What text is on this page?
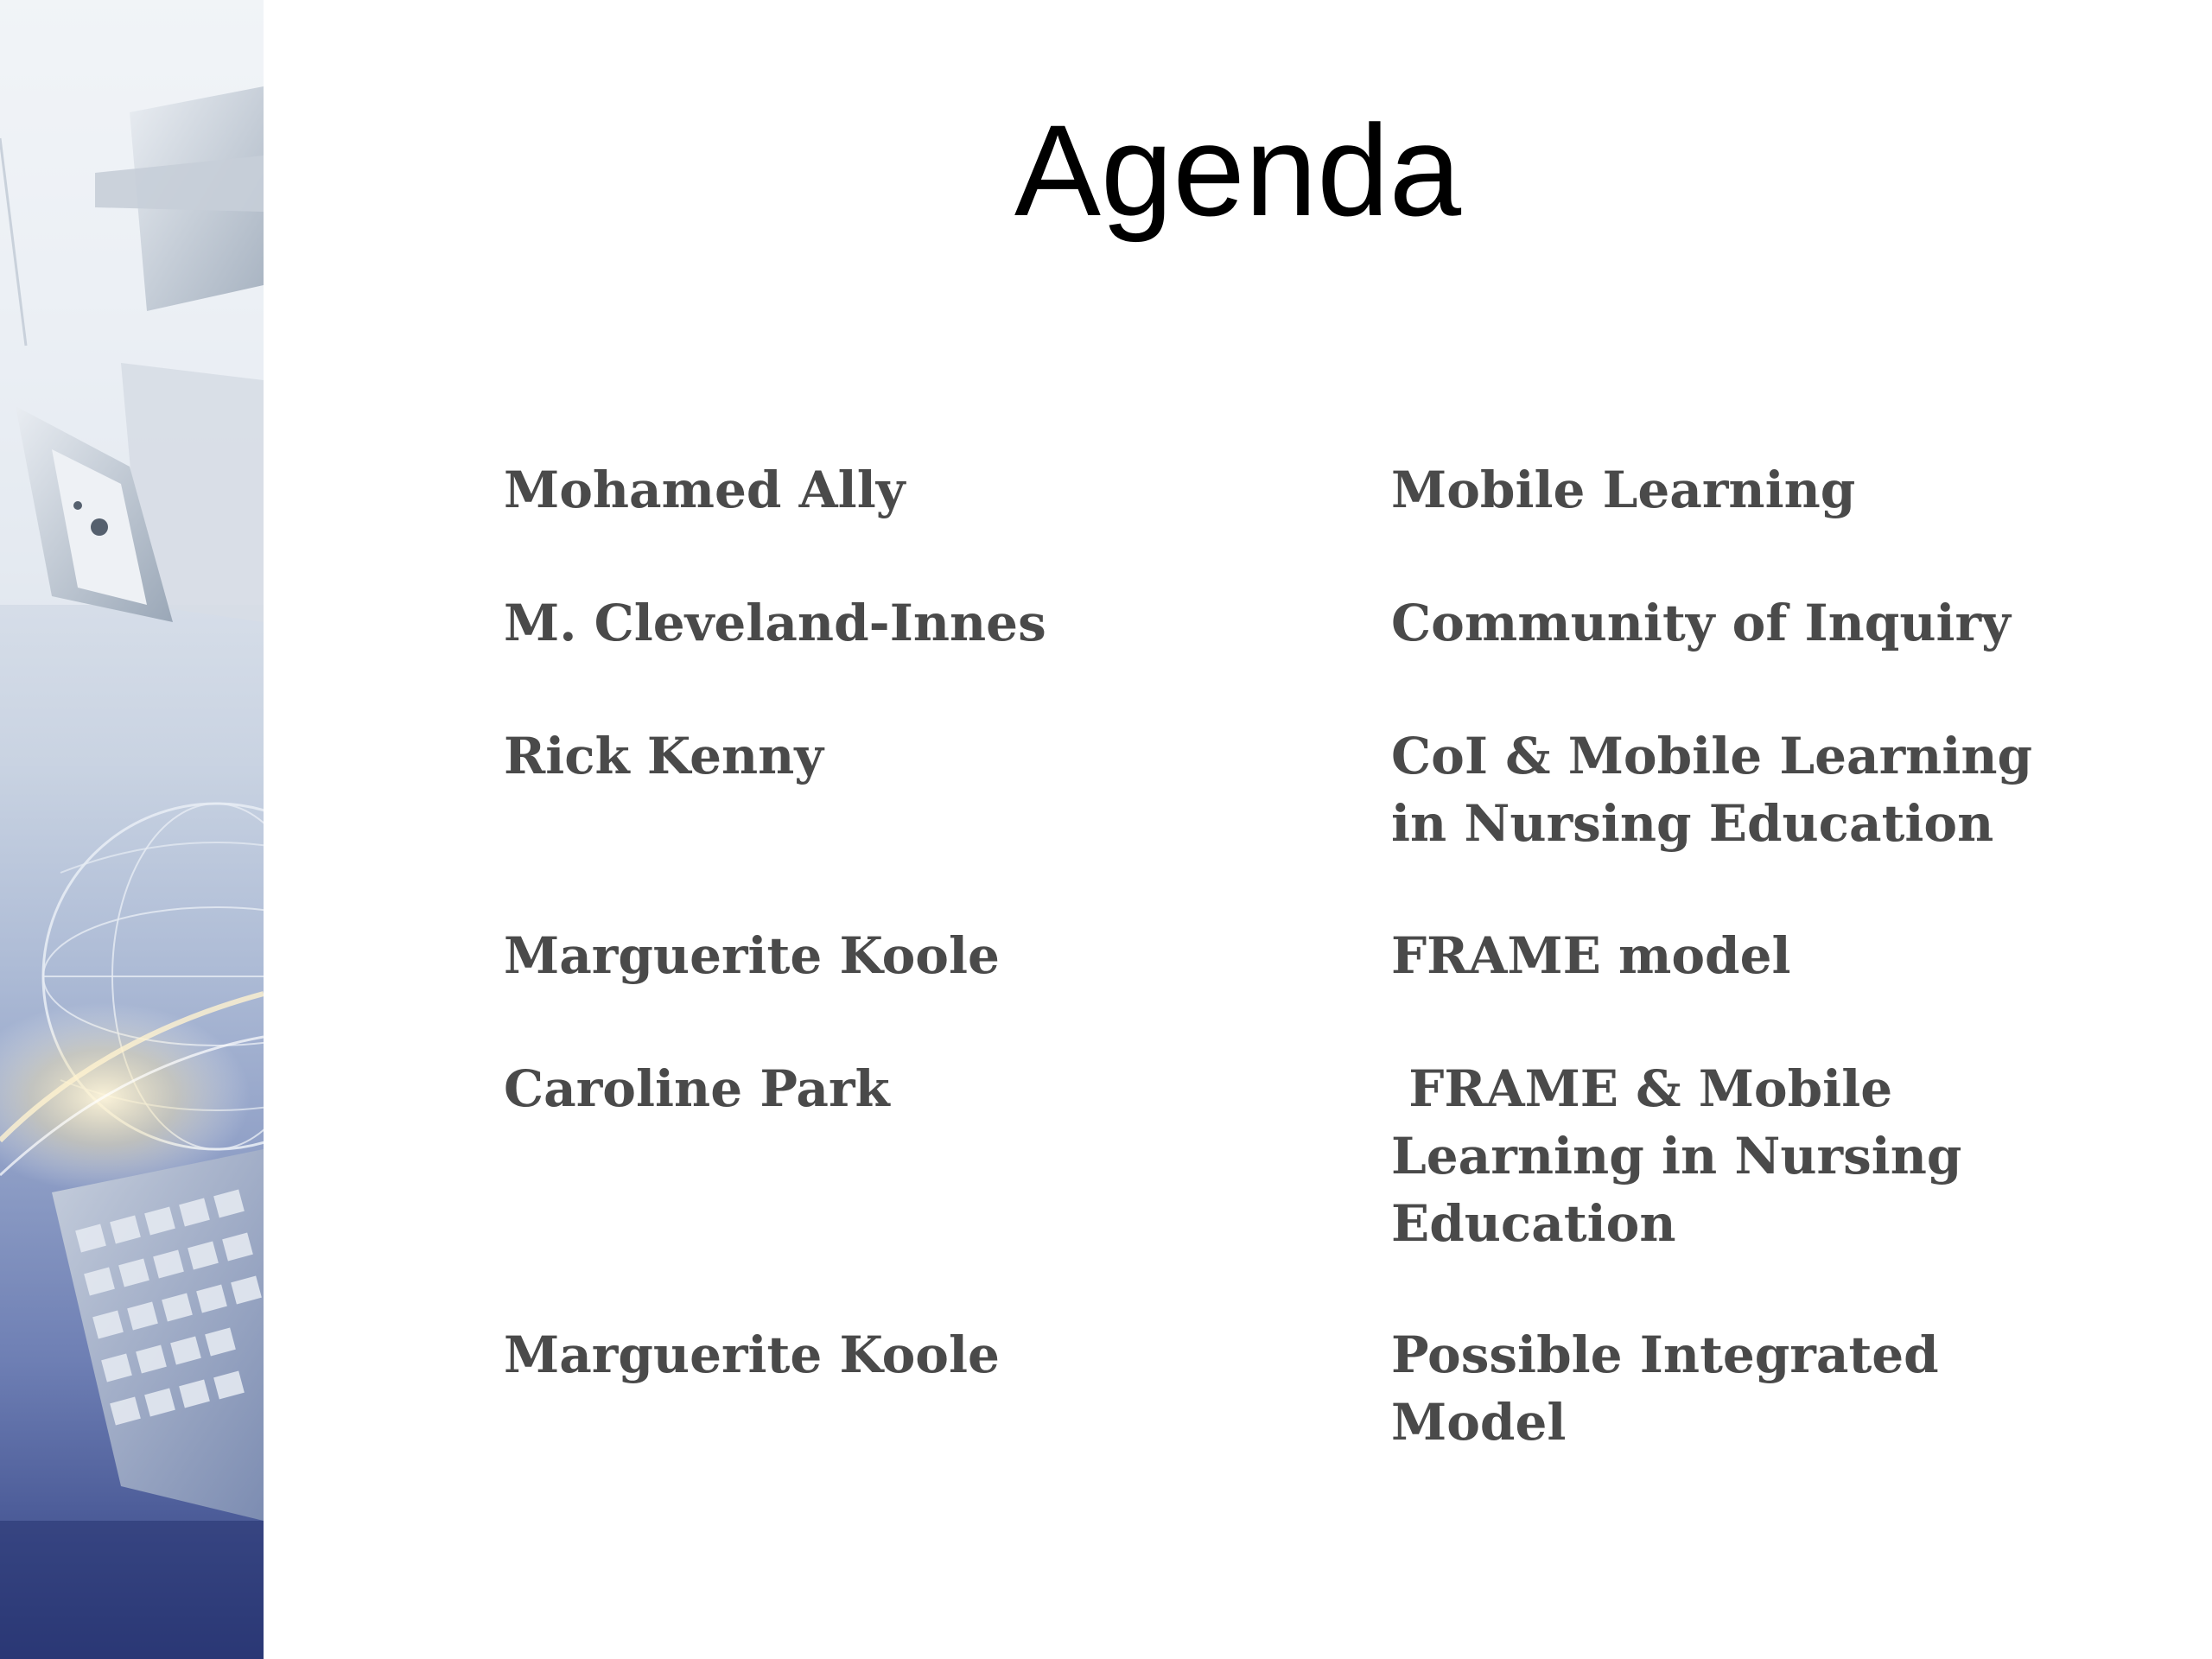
Agenda
Mohamed Ally	Mobile Learning
M. Cleveland-Innes	Community of Inquiry
Rick Kenny	CoI & Mobile Learning
in Nursing Education
Marguerite Koole	FRAME model
Caroline Park	FRAME & Mobile
Learning in Nursing
Education
Marguerite Koole	Possible Integrated
Model
